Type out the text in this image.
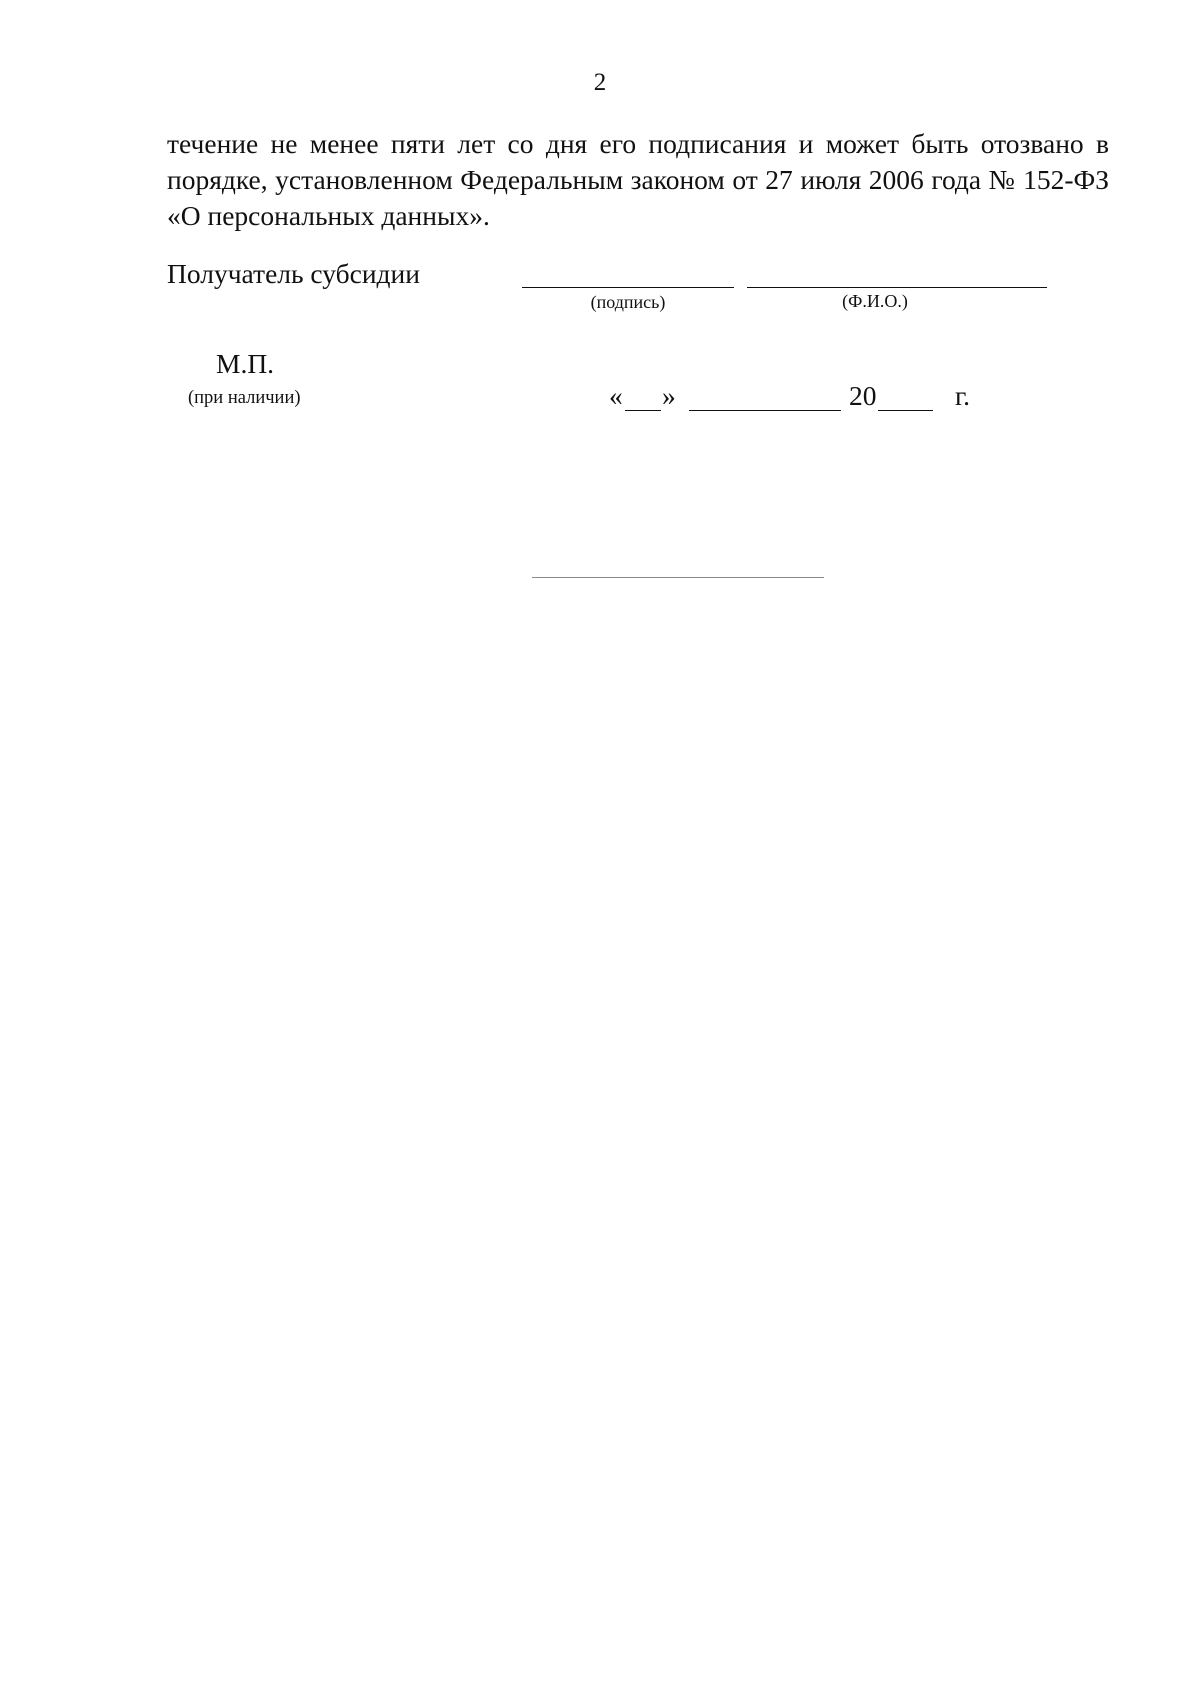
2

течение не менее пяти лет со дня его подписания и может быть отозвано в порядке, установленном Федеральным законом от 27 июля 2006 года № 152-ФЗ «О персональных данных».

Получатель субсидии
(подпись)	(Ф.И.О.)
М.П.
(при наличии)	« »	20	г.
